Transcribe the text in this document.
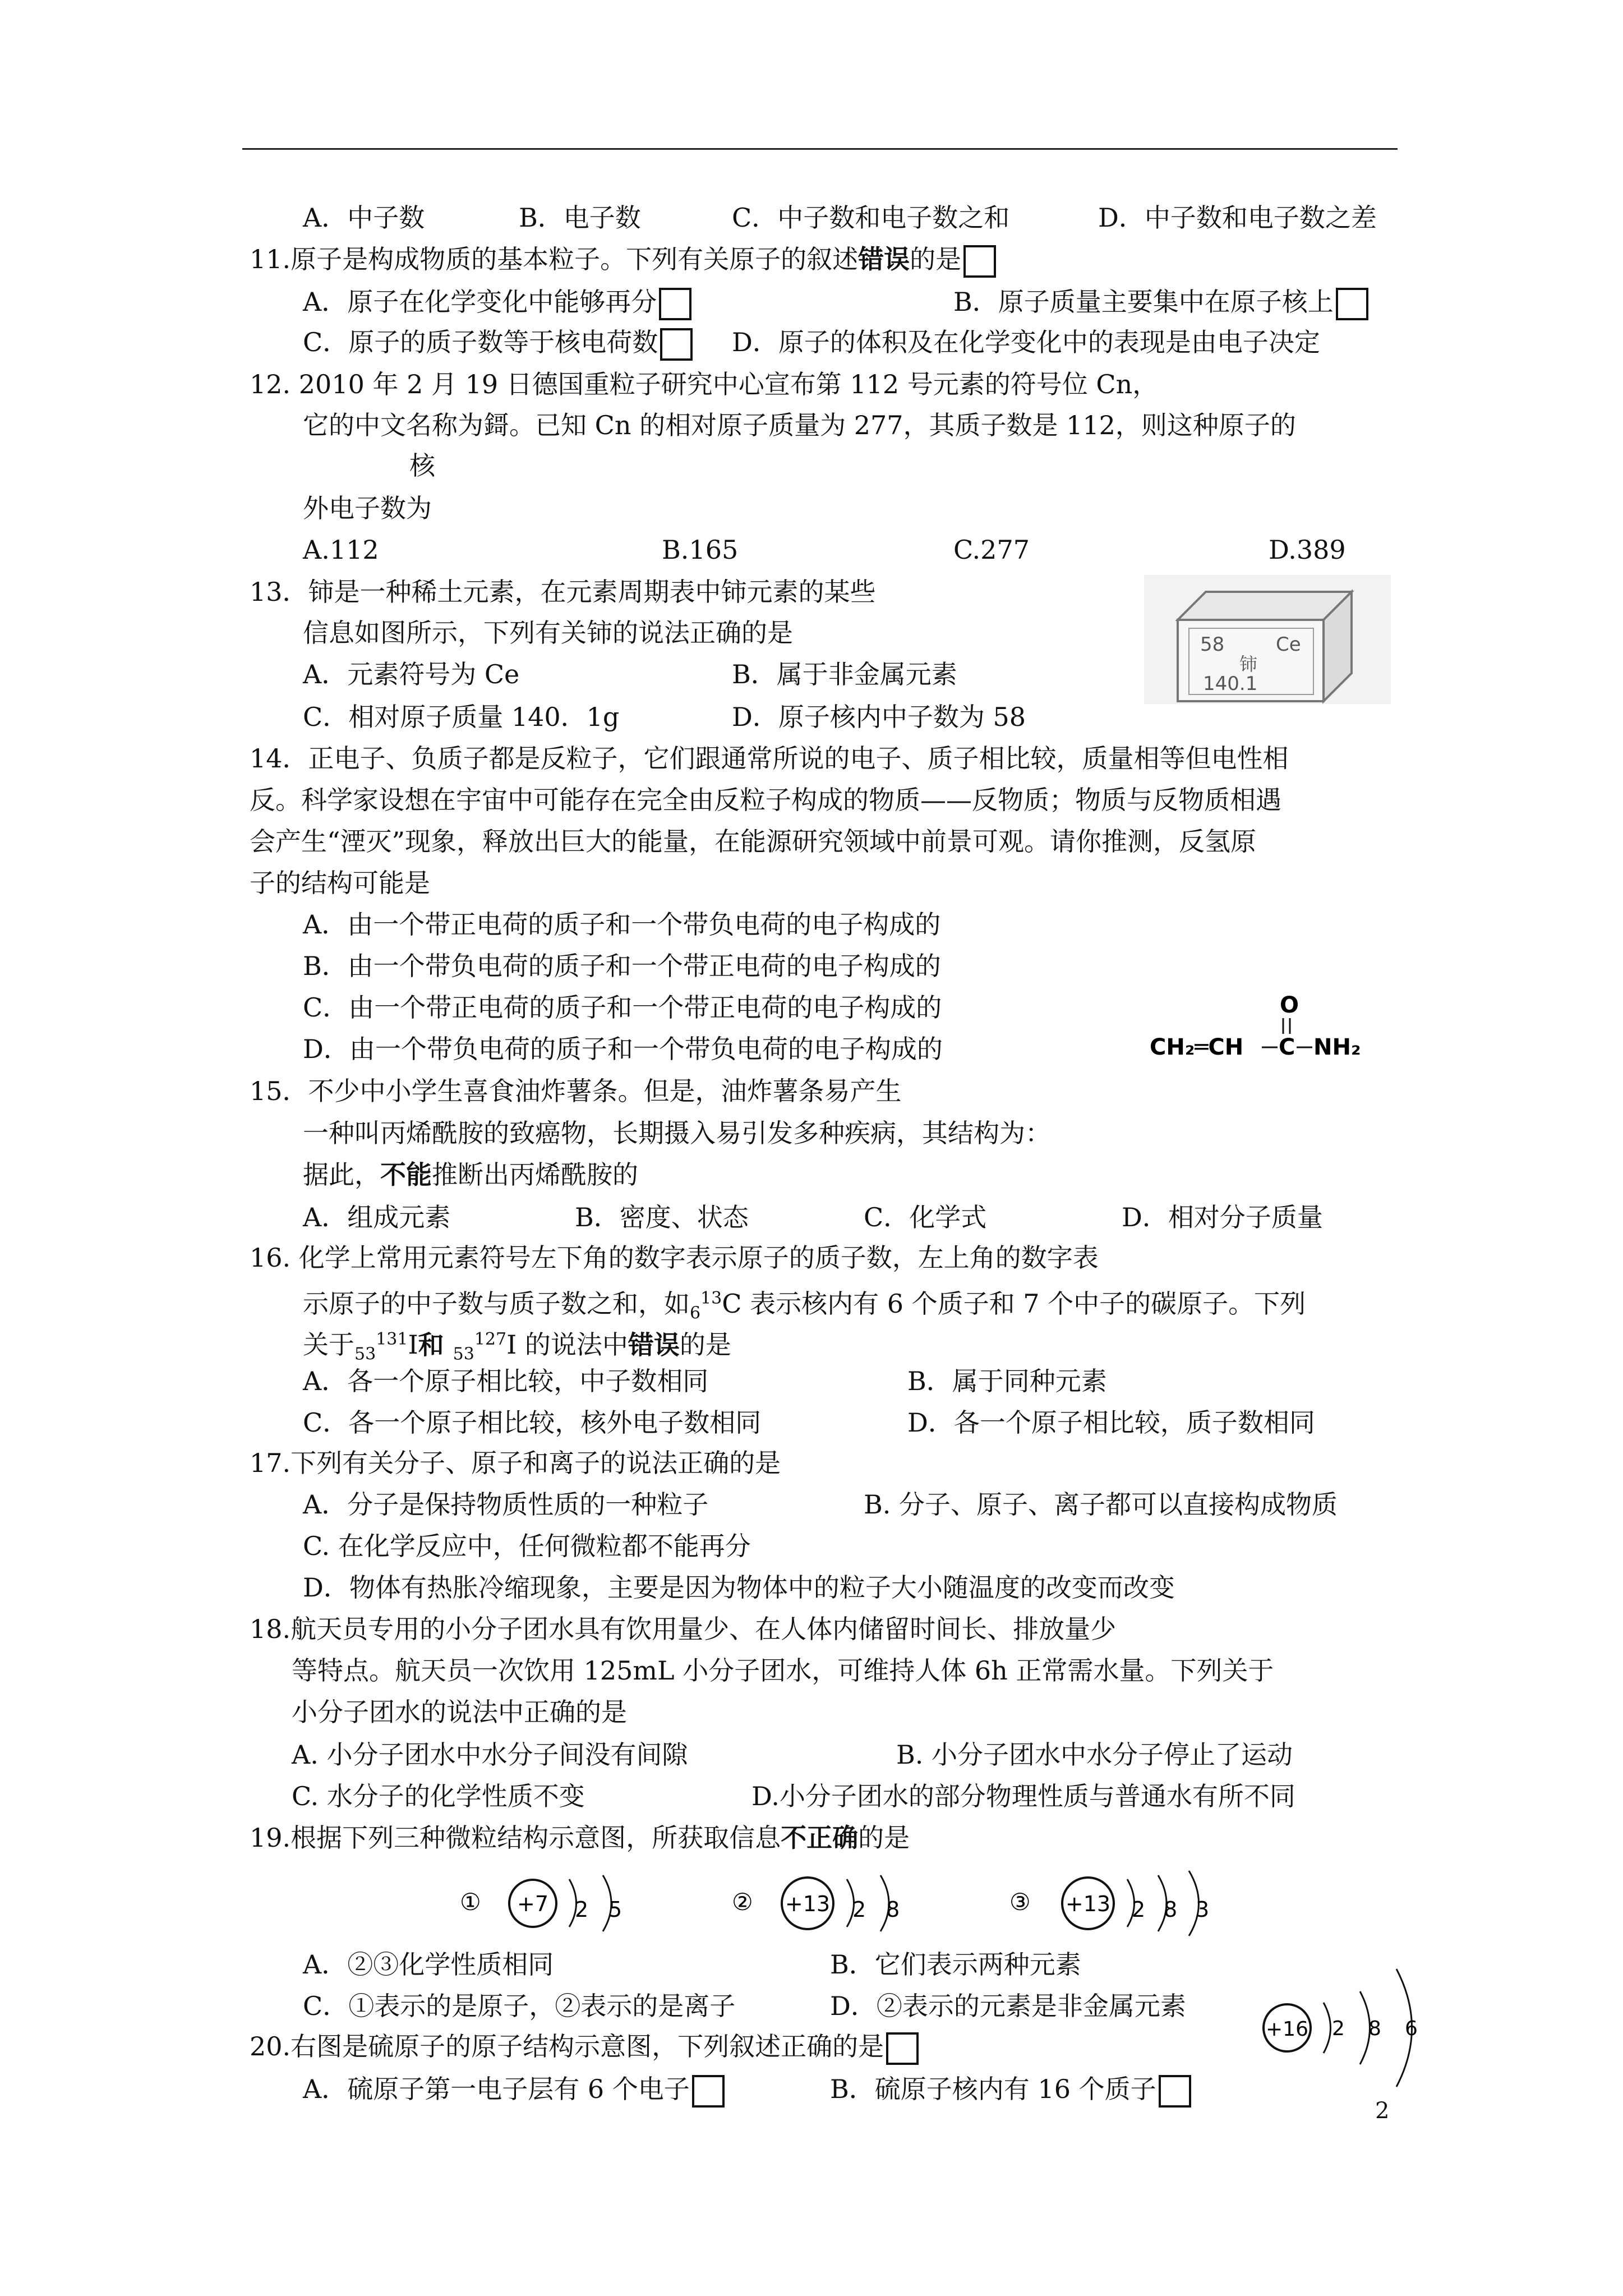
A．中子数	B．电子数	C．中子数和电子数之和	D．中子数和电子数之差
11.原子是构成物质的基本粒子。下列有关原子的叙述错误的是
A．原子在化学变化中能够再分	B．原子质量主要集中在原子核上
C．原子的质子数等于核电荷数	D．原子的体积及在化学变化中的表现是由电子决定
12. 2010 年 2 月 19 日德国重粒子研究中心宣布第 112 号元素的符号位 Cn，
它的中文名称为鎶。已知 Cn 的相对原子质量为 277，其质子数是 112，则这种原子的
核
外电子数为
A.112	B.165	C.277	D.389
13．铈是一种稀土元素，在元素周期表中铈元素的某些
信息如图所示，下列有关铈的说法正确的是
A．元素符号为 Ce	B．属于非金属元素
C．相对原子质量 140．1g	D．原子核内中子数为 58
58	Ce
铈
140.1
14．正电子、负质子都是反粒子，它们跟通常所说的电子、质子相比较，质量相等但电性相
反。科学家设想在宇宙中可能存在完全由反粒子构成的物质——反物质；物质与反物质相遇
会产生“湮灭”现象，释放出巨大的能量，在能源研究领域中前景可观。请你推测，反氢原
子的结构可能是
A．由一个带正电荷的质子和一个带负电荷的电子构成的
B．由一个带负电荷的质子和一个带正电荷的电子构成的
C．由一个带正电荷的质子和一个带正电荷的电子构成的
D．由一个带负电荷的质子和一个带负电荷的电子构成的
O
CH₂═CH C NH₂
15．不少中小学生喜食油炸薯条。但是，油炸薯条易产生
一种叫丙烯酰胺的致癌物，长期摄入易引发多种疾病，其结构为：
据此，不能推断出丙烯酰胺的
A．组成元素	B．密度、状态	C．化学式	D．相对分子质量
16. 化学上常用元素符号左下角的数字表示原子的质子数，左上角的数字表
示原子的中子数与质子数之和，如$_6^{13}$C 表示核内有 6 个质子和 7 个中子的碳原子。下列
关于$_{53}^{131}$I和 $_{53}^{127}$I 的说法中错误的是
A．各一个原子相比较，中子数相同	B．属于同种元素
C．各一个原子相比较，核外电子数相同	D．各一个原子相比较，质子数相同
17.下列有关分子、原子和离子的说法正确的是
A．分子是保持物质性质的一种粒子	B. 分子、原子、离子都可以直接构成物质
C. 在化学反应中，任何微粒都不能再分
D．物体有热胀冷缩现象，主要是因为物体中的粒子大小随温度的改变而改变
18.航天员专用的小分子团水具有饮用量少、在人体内储留时间长、排放量少
等特点。航天员一次饮用 125mL 小分子团水，可维持人体 6h 正常需水量。下列关于
小分子团水的说法中正确的是
A. 小分子团水中水分子间没有间隙	B. 小分子团水中水分子停止了运动
C. 水分子的化学性质不变	D.小分子团水的部分物理性质与普通水有所不同
19.根据下列三种微粒结构示意图，所获取信息不正确的是
① +7 2 5	② +13 2 8	③ +13 2 8 3
A．②③化学性质相同	B．它们表示两种元素
C．①表示的是原子，②表示的是离子	D．②表示的元素是非金属元素
+16 2 8 6
20.右图是硫原子的原子结构示意图，下列叙述正确的是
A．硫原子第一电子层有 6 个电子	B．硫原子核内有 16 个质子
2
